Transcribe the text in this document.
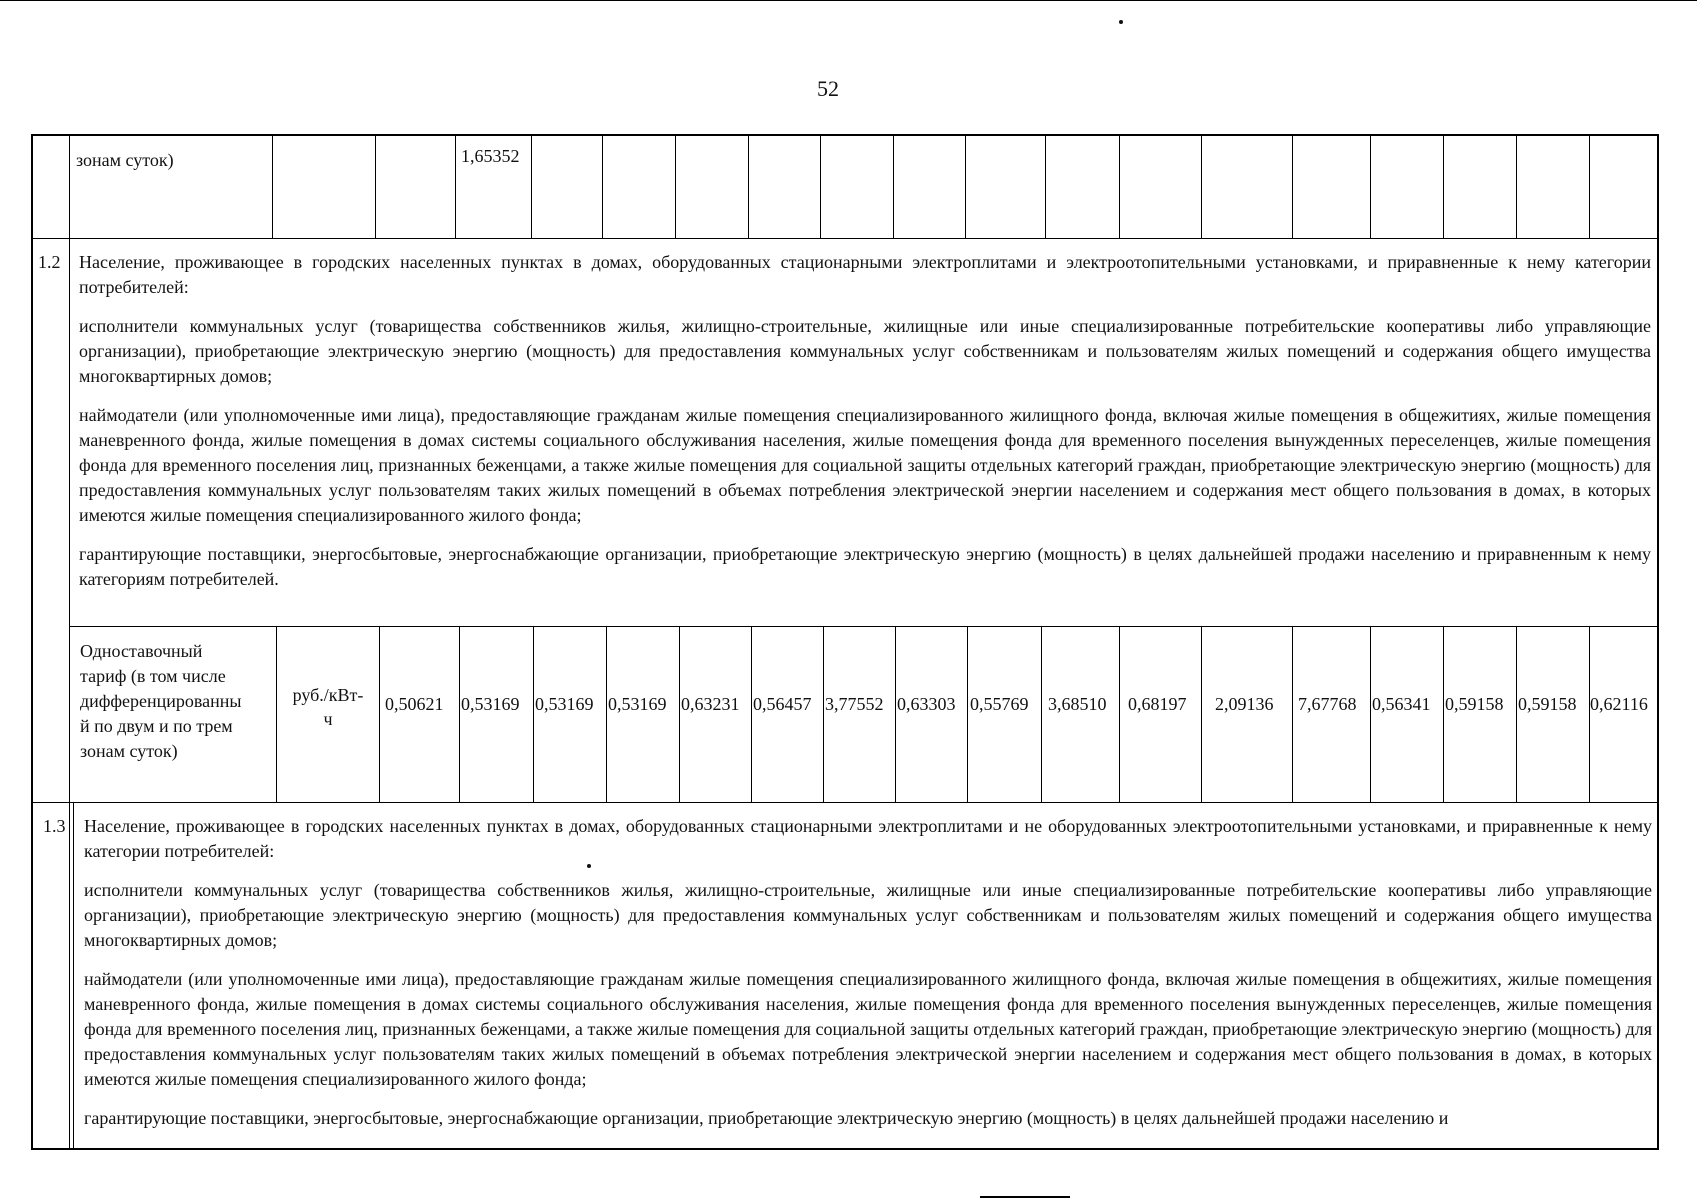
52
зонам суток)	1,65352
1.2 Население, проживающее в городских населенных пунктах в домах, оборудованных стационарными электроплитами и электроотопительными установками, и приравненные к нему категории потребителей:

исполнители коммунальных услуг (товарищества собственников жилья, жилищно-строительные, жилищные или иные специализированные потребительские кооперативы либо управляющие организации), приобретающие электрическую энергию (мощность) для предоставления коммунальных услуг собственникам и пользователям жилых помещений и содержания общего имущества многоквартирных домов;

наймодатели (или уполномоченные ими лица), предоставляющие гражданам жилые помещения специализированного жилищного фонда, включая жилые помещения в общежитиях, жилые помещения маневренного фонда, жилые помещения в домах системы социального обслуживания населения, жилые помещения фонда для временного поселения вынужденных переселенцев, жилые помещения фонда для временного поселения лиц, признанных беженцами, а также жилые помещения для социальной защиты отдельных категорий граждан, приобретающие электрическую энергию (мощность) для предоставления коммунальных услуг пользователям таких жилых помещений в объемах потребления электрической энергии населением и содержания мест общего пользования в домах, в которых имеются жилые помещения специализированного жилого фонда;

гарантирующие поставщики, энергосбытовые, энергоснабжающие организации, приобретающие электрическую энергию (мощность) в целях дальнейшей продажи населению и приравненным к нему категориям потребителей.

Одноставочный
тариф (в том числе
дифференцированны
й по двум и по трем
зонам суток)
руб./кВт-
ч
0,50621 0,53169 0,53169 0,53169 0,63231 0,56457 3,77552 0,63303 0,55769 3,68510 0,68197 2,09136 7,67768 0,56341 0,59158 0,59158 0,62116
1.3 Население, проживающее в городских населенных пунктах в домах, оборудованных стационарными электроплитами и не оборудованных электроотопительными установками, и приравненные к нему категории потребителей:

исполнители коммунальных услуг (товарищества собственников жилья, жилищно-строительные, жилищные или иные специализированные потребительские кооперативы либо управляющие организации), приобретающие электрическую энергию (мощность) для предоставления коммунальных услуг собственникам и пользователям жилых помещений и содержания общего имущества многоквартирных домов;

наймодатели (или уполномоченные ими лица), предоставляющие гражданам жилые помещения специализированного жилищного фонда, включая жилые помещения в общежитиях, жилые помещения маневренного фонда, жилые помещения в домах системы социального обслуживания населения, жилые помещения фонда для временного поселения вынужденных переселенцев, жилые помещения фонда для временного поселения лиц, признанных беженцами, а также жилые помещения для социальной защиты отдельных категорий граждан, приобретающие электрическую энергию (мощность) для предоставления коммунальных услуг пользователям таких жилых помещений в объемах потребления электрической энергии населением и содержания мест общего пользования в домах, в которых имеются жилые помещения специализированного жилого фонда;

гарантирующие поставщики, энергосбытовые, энергоснабжающие организации, приобретающие электрическую энергию (мощность) в целях дальнейшей продажи населению и
